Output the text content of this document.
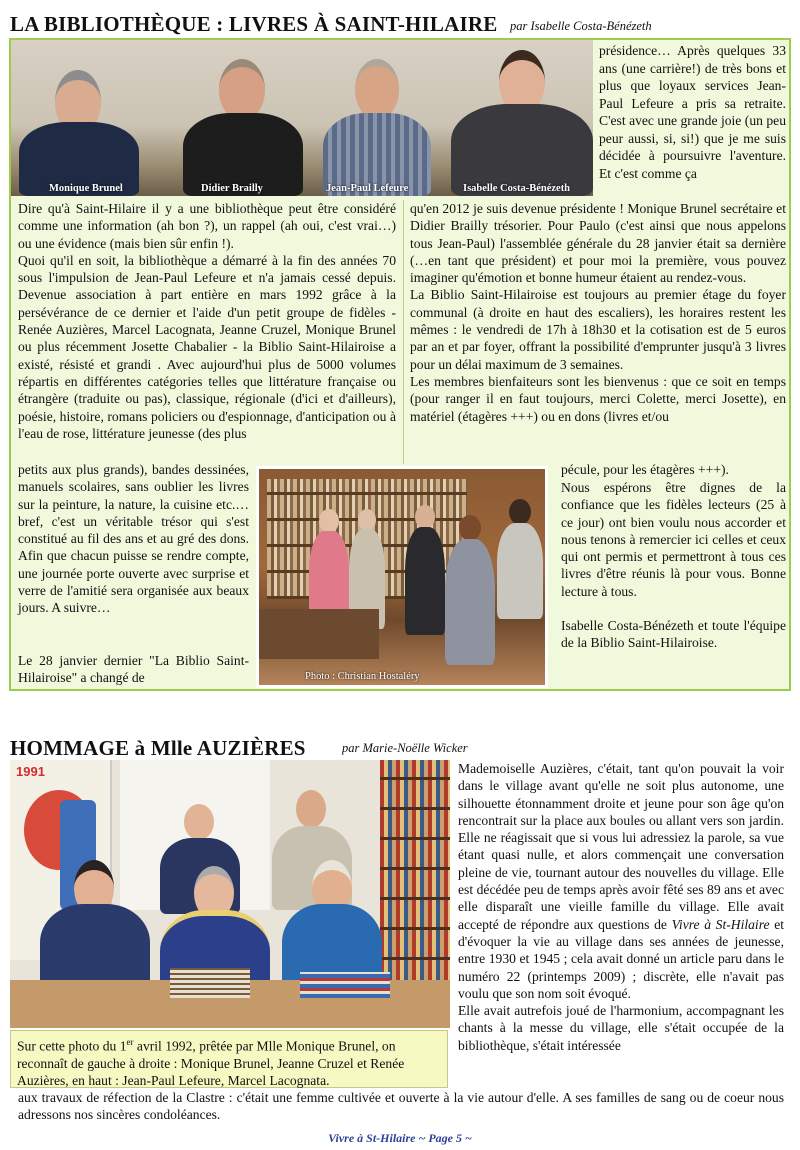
LA BIBLIOTHÈQUE : LIVRES À SAINT-HILAIRE par Isabelle Costa-Bénézeth
Monique Brunel	Didier Brailly	Jean-Paul Lefeure	Isabelle Costa-Bénézeth

présidence… Après quelques 33 ans (une carrière!) de très bons et plus que loyaux services Jean-Paul Lefeure a pris sa retraite. C'est avec une grande joie (un peu peur aussi, si, si!) que je me suis décidée à poursuivre l'aventure. Et c'est comme ça

Dire qu'à Saint-Hilaire il y a une bibliothèque peut être considéré comme une information (ah bon ?), un rappel (ah oui, c'est vrai…) ou une évidence (mais bien sûr enfin !).

Quoi qu'il en soit, la bibliothèque a démarré à la fin des années 70 sous l'impulsion de Jean-Paul Lefeure et n'a jamais cessé depuis. Devenue association à part entière en mars 1992 grâce à la persévérance de ce dernier et l'aide d'un petit groupe de fidèles - Renée Auzières, Marcel Lacognata, Jeanne Cruzel, Monique Brunel ou plus récemment Josette Chabalier - la Biblio Saint-Hilairoise a existé, résisté et grandi . Avec aujourd'hui plus de 5000 volumes répartis en différentes catégories telles que littérature française ou étrangère (traduite ou pas), classique, régionale (d'ici et d'ailleurs), poésie, histoire, romans policiers ou d'espionnage, d'anticipation ou à l'eau de rose, littérature jeunesse (des plus

petits aux plus grands), bandes dessinées, manuels scolaires, sans oublier les livres sur la peinture, la nature, la cuisine etc.… bref, c'est un véritable trésor qui s'est constitué au fil des ans et au gré des dons. Afin que chacun puisse se rendre compte, une journée porte ouverte avec surprise et verre de l'amitié sera organisée aux beaux jours. A suivre…

Le 28 janvier dernier "La Biblio Saint-Hilairoise" a changé de

qu'en 2012 je suis devenue présidente ! Monique Brunel secrétaire et Didier Brailly trésorier. Pour Paulo (c'est ainsi que nous appelons tous Jean-Paul) l'assemblée générale du 28 janvier était sa dernière (…en tant que président) et pour moi la première, vous pouvez imaginer qu'émotion et bonne humeur étaient au rendez-vous.

La Biblio Saint-Hilairoise est toujours au premier étage du foyer communal (à droite en haut des escaliers), les horaires restent les mêmes : le vendredi de 17h à 18h30 et la cotisation est de 5 euros par an et par foyer, offrant la possibilité d'emprunter jusqu'à 3 livres pour un délai maximum de 3 semaines.

Les membres bienfaiteurs sont les bienvenus : que ce soit en temps (pour ranger il en faut toujours, merci Colette, merci Josette), en matériel (étagères +++) ou en dons (livres et/ou

pécule, pour les étagères +++).

Nous espérons être dignes de la confiance que les fidèles lecteurs (25 à ce jour) ont bien voulu nous accorder et nous tenons à remercier ici celles et ceux qui ont permis et permettront à tous ces livres d'être réunis là pour vous. Bonne lecture à tous.

Isabelle Costa-Bénézeth et toute l'équipe de la Biblio Saint-Hilairoise.

Photo : Christian Hostaléry
HOMMAGE à Mlle AUZIÈRES	par Marie-Noëlle Wicker
1991
Sur cette photo du 1er avril 1992, prêtée par Mlle Monique Brunel, on reconnaît de gauche à droite : Monique Brunel, Jeanne Cruzel et Renée Auzières, en haut : Jean-Paul Lefeure, Marcel Lacognata.

Mademoiselle Auzières, c'était, tant qu'on pouvait la voir dans le village avant qu'elle ne soit plus autonome, une silhouette étonnamment droite et jeune pour son âge qu'on rencontrait sur la place aux boules ou allant vers son jardin. Elle ne réagissait que si vous lui adressiez la parole, sa vue étant quasi nulle, et alors commençait une conversation pleine de vie, tournant autour des nouvelles du village. Elle est décédée peu de temps après avoir fêté ses 89 ans et avec elle disparaît une vieille famille du village. Elle avait accepté de répondre aux questions de Vivre à St-Hilaire et d'évoquer la vie au village dans ses années de jeunesse, entre 1930 et 1945 ; cela avait donné un article paru dans le numéro 22 (printemps 2009) ; discrète, elle n'avait pas voulu que son nom soit évoqué.

Elle avait autrefois joué de l'harmonium, accompagnant les chants à la messe du village, elle s'était occupée de la bibliothèque, s'était intéressée

aux travaux de réfection de la Clastre : c'était une femme cultivée et ouverte à la vie autour d'elle. A ses familles de sang ou de coeur nous adressons nos sincères condoléances.

Vivre à St-Hilaire ~ Page 5 ~
